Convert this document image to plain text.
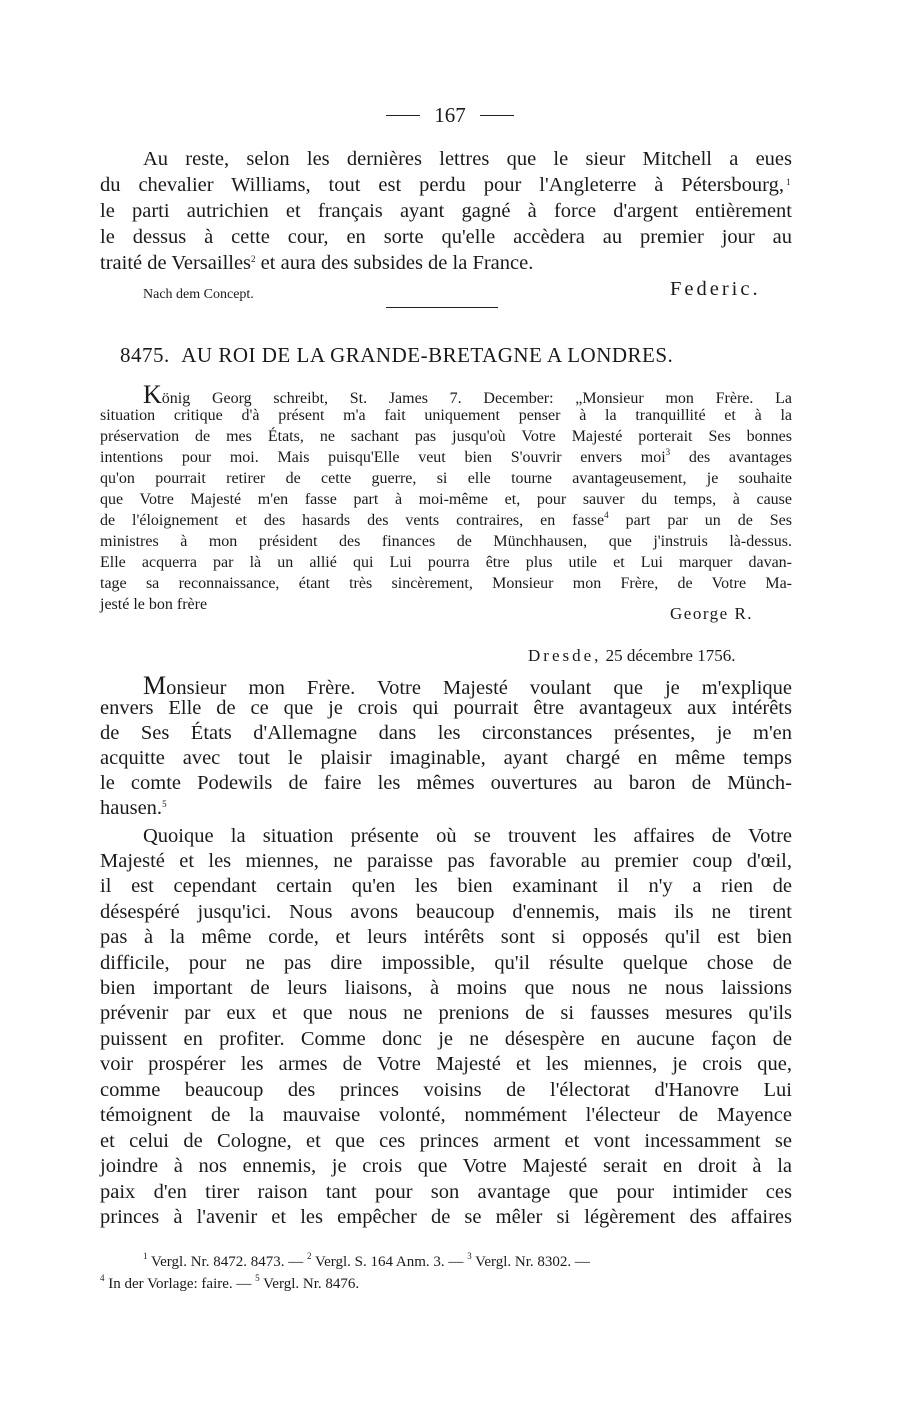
167
Au reste, selon les dernières lettres que le sieur Mitchell a eues
du chevalier Williams, tout est perdu pour l'Angleterre à Pétersbourg, 1
le parti autrichien et français ayant gagné à force d'argent entièrement
le dessus à cette cour, en sorte qu'elle accèdera au premier jour au
traité de Versailles$^2$ et aura des subsides de la France.
Nach dem Concept.	Federic.
8475. AU ROI DE LA GRANDE-BRETAGNE A LONDRES.
König Georg schreibt, St. James 7. December: „Monsieur mon Frère. La
situation critique d'à présent m'a fait uniquement penser à la tranquillité et à la
préservation de mes États, ne sachant pas jusqu'où Votre Majesté porterait Ses bonnes
intentions pour moi. Mais puisqu'Elle veut bien S'ouvrir envers moi$^3$ des avantages
qu'on pourrait retirer de cette guerre, si elle tourne avantageusement, je souhaite
que Votre Majesté m'en fasse part à moi-même et, pour sauver du temps, à cause
de l'éloignement et des hasards des vents contraires, en fasse$^4$ part par un de Ses
ministres à mon président des finances de Münchhausen, que j'instruis là-dessus.
Elle acquerra par là un allié qui Lui pourra être plus utile et Lui marquer davan-
tage sa reconnaissance, étant très sincèrement, Monsieur mon Frère, de Votre Ma-
jesté le bon frère	George R.
Dresde, 25 décembre 1756.
Monsieur mon Frère. Votre Majesté voulant que je m'explique
envers Elle de ce que je crois qui pourrait être avantageux aux intérêts
de Ses États d'Allemagne dans les circonstances présentes, je m'en
acquitte avec tout le plaisir imaginable, ayant chargé en même temps
le comte Podewils de faire les mêmes ouvertures au baron de Münch-
hausen.$^5$
Quoique la situation présente où se trouvent les affaires de Votre
Majesté et les miennes, ne paraisse pas favorable au premier coup d'œil,
il est cependant certain qu'en les bien examinant il n'y a rien de
désespéré jusqu'ici. Nous avons beaucoup d'ennemis, mais ils ne tirent
pas à la même corde, et leurs intérêts sont si opposés qu'il est bien
difficile, pour ne pas dire impossible, qu'il résulte quelque chose de
bien important de leurs liaisons, à moins que nous ne nous laissions
prévenir par eux et que nous ne prenions de si fausses mesures qu'ils
puissent en profiter. Comme donc je ne désespère en aucune façon de
voir prospérer les armes de Votre Majesté et les miennes, je crois que,
comme beaucoup des princes voisins de l'électorat d'Hanovre Lui
témoignent de la mauvaise volonté, nommément l'électeur de Mayence
et celui de Cologne, et que ces princes arment et vont incessamment se
joindre à nos ennemis, je crois que Votre Majesté serait en droit à la
paix d'en tirer raison tant pour son avantage que pour intimider ces
princes à l'avenir et les empêcher de se mêler si légèrement des affaires
$^1$ Vergl. Nr. 8472. 8473. — $^2$ Vergl. S. 164 Anm. 3. — $^3$ Vergl. Nr. 8302. —
$^4$ In der Vorlage: faire. — $^5$ Vergl. Nr. 8476.
